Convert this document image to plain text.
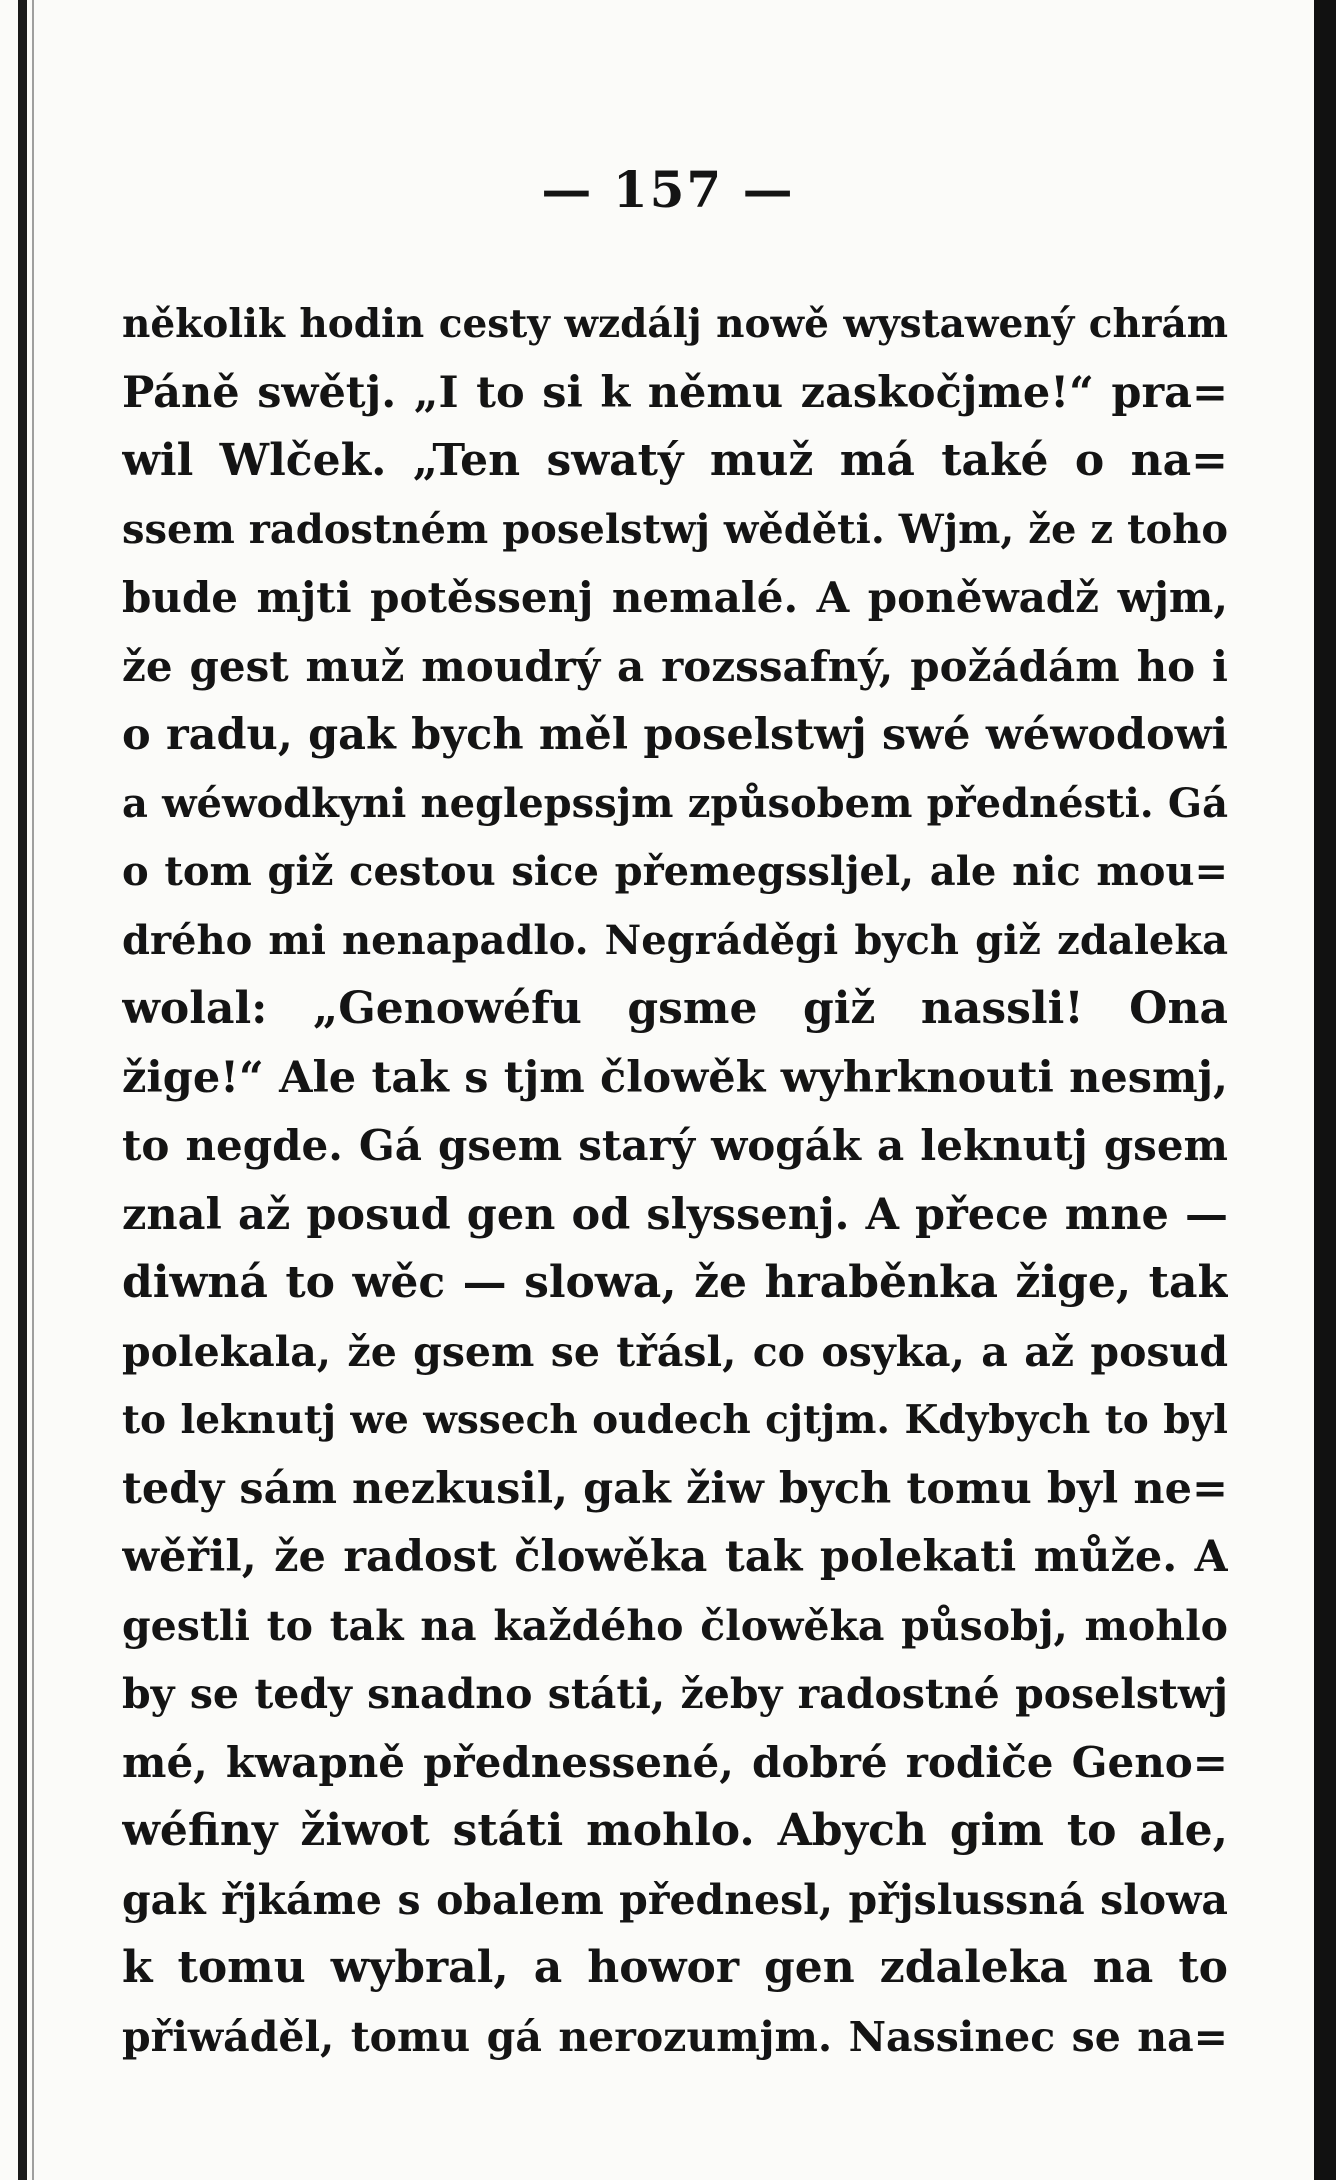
— 157 —
několik hodin cesty wzdálj nowě wystawený chrám
Páně swětj. „I to si k němu zaskočjme!“ pra=
wil Wlček. „Ten swatý muž má také o na=
ssem radostném poselstwj wěděti. Wjm, že z toho
bude mjti potěssenj nemalé. A poněwadž wjm,
že gest muž moudrý a rozssafný, požádám ho i
o radu, gak bych měl poselstwj swé wéwodowi
a wéwodkyni neglepssjm způsobem přednésti. Gá
o tom giž cestou sice přemegssljel, ale nic mou=
drého mi nenapadlo. Negráděgi bych giž zdaleka
wolal: „Genowéfu gsme giž nassli! Ona
žige!“ Ale tak s tjm člowěk wyhrknouti nesmj,
to negde. Gá gsem starý wogák a leknutj gsem
znal až posud gen od slyssenj. A přece mne —
diwná to wěc — slowa, že hraběnka žige, tak
polekala, že gsem se třásl, co osyka, a až posud
to leknutj we wssech oudech cjtjm. Kdybych to byl
tedy sám nezkusil, gak žiw bych tomu byl ne=
wěřil, že radost člowěka tak polekati může. A
gestli to tak na každého člowěka působj, mohlo
by se tedy snadno státi, žeby radostné poselstwj
mé, kwapně přednessené, dobré rodiče Geno=
wéfiny žiwot státi mohlo. Abych gim to ale,
gak řjkáme s obalem přednesl, přjslussná slowa
k tomu wybral, a howor gen zdaleka na to
přiwáděl, tomu gá nerozumjm. Nassinec se na=
